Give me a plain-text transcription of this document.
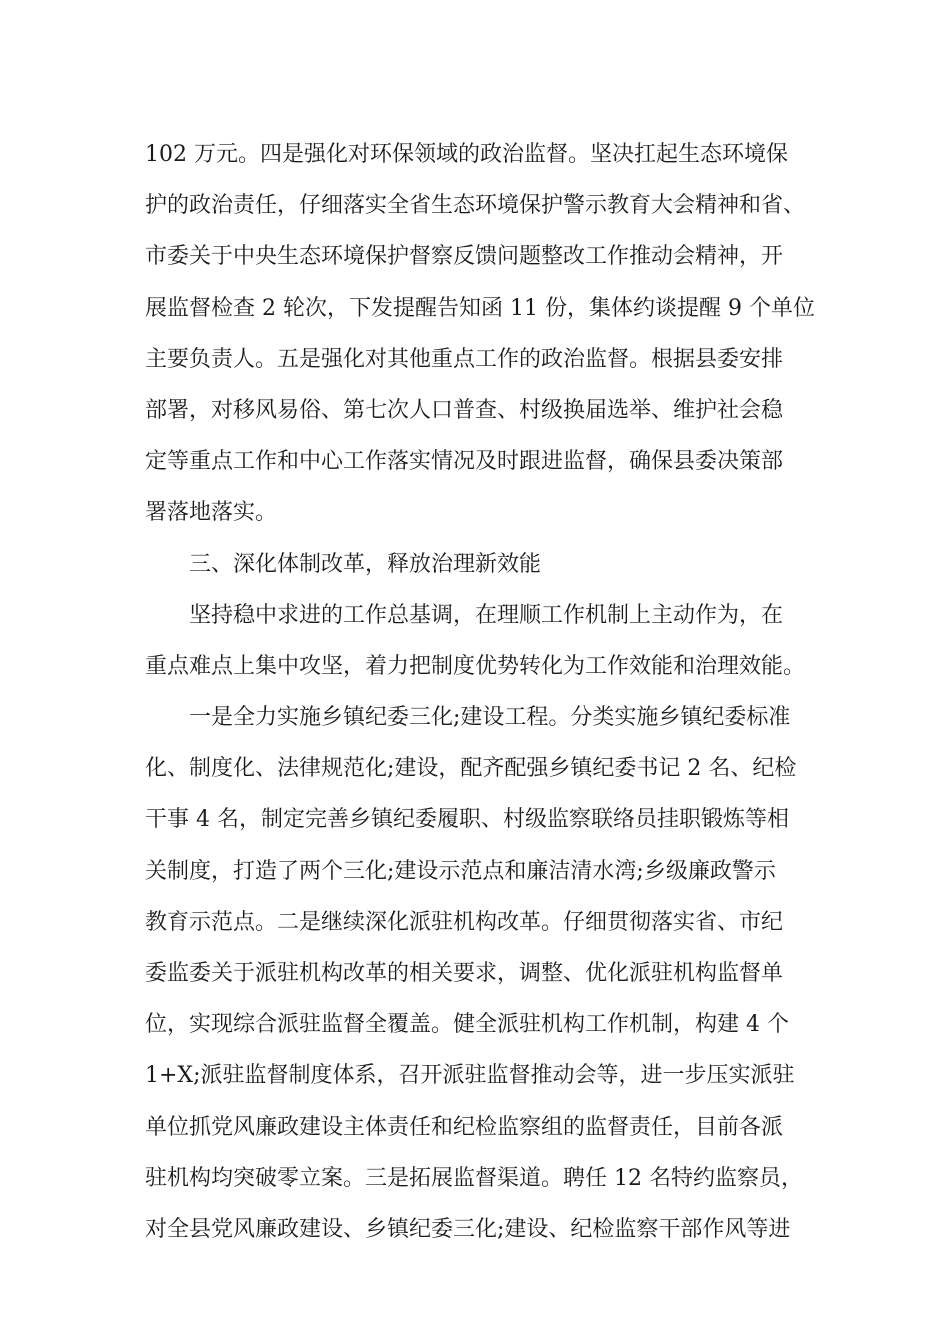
102 万元。四是强化对环保领域的政治监督。坚决扛起生态环境保
护的政治责任，仔细落实全省生态环境保护警示教育大会精神和省、
市委关于中央生态环境保护督察反馈问题整改工作推动会精神，开
展监督检查 2 轮次，下发提醒告知函 11 份，集体约谈提醒 9 个单位
主要负责人。五是强化对其他重点工作的政治监督。根据县委安排
部署，对移风易俗、第七次人口普查、村级换届选举、维护社会稳
定等重点工作和中心工作落实情况及时跟进监督，确保县委决策部
署落地落实。
三、深化体制改革，释放治理新效能
坚持稳中求进的工作总基调，在理顺工作机制上主动作为，在
重点难点上集中攻坚，着力把制度优势转化为工作效能和治理效能。
一是全力实施乡镇纪委三化;建设工程。分类实施乡镇纪委标准
化、制度化、法律规范化;建设，配齐配强乡镇纪委书记 2 名、纪检
干事 4 名，制定完善乡镇纪委履职、村级监察联络员挂职锻炼等相
关制度，打造了两个三化;建设示范点和廉洁清水湾;乡级廉政警示
教育示范点。二是继续深化派驻机构改革。仔细贯彻落实省、市纪
委监委关于派驻机构改革的相关要求，调整、优化派驻机构监督单
位，实现综合派驻监督全覆盖。健全派驻机构工作机制，构建 4 个
1+X;派驻监督制度体系，召开派驻监督推动会等，进一步压实派驻
单位抓党风廉政建设主体责任和纪检监察组的监督责任，目前各派
驻机构均突破零立案。三是拓展监督渠道。聘任 12 名特约监察员，
对全县党风廉政建设、乡镇纪委三化;建设、纪检监察干部作风等进
